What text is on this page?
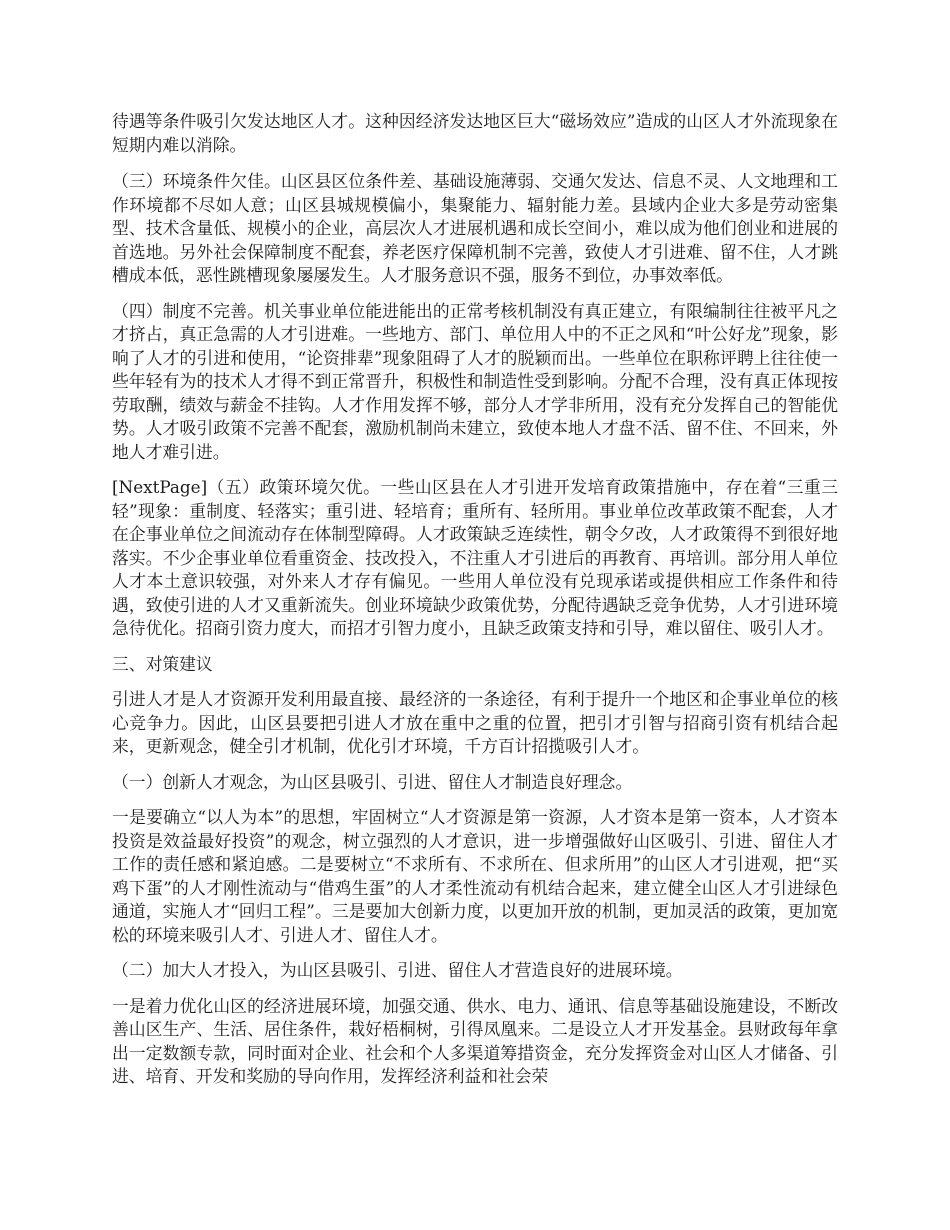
待遇等条件吸引欠发达地区人才。这种因经济发达地区巨大“磁场效应”造成的山区人才外流现象在短期内难以消除。

（三）环境条件欠佳。山区县区位条件差、基础设施薄弱、交通欠发达、信息不灵、人文地理和工作环境都不尽如人意；山区县城规模偏小，集聚能力、辐射能力差。县域内企业大多是劳动密集型、技术含量低、规模小的企业，高层次人才进展机遇和成长空间小，难以成为他们创业和进展的首选地。另外社会保障制度不配套，养老医疗保障机制不完善，致使人才引进难、留不住，人才跳槽成本低，恶性跳槽现象屡屡发生。人才服务意识不强，服务不到位，办事效率低。

（四）制度不完善。机关事业单位能进能出的正常考核机制没有真正建立，有限编制往往被平凡之才挤占，真正急需的人才引进难。一些地方、部门、单位用人中的不正之风和“叶公好龙”现象，影响了人才的引进和使用，“论资排辈”现象阻碍了人才的脱颖而出。一些单位在职称评聘上往往使一些年轻有为的技术人才得不到正常晋升，积极性和制造性受到影响。分配不合理，没有真正体现按劳取酬，绩效与薪金不挂钩。人才作用发挥不够，部分人才学非所用，没有充分发挥自己的智能优势。人才吸引政策不完善不配套，激励机制尚未建立，致使本地人才盘不活、留不住、不回来，外地人才难引进。

[NextPage]（五）政策环境欠优。一些山区县在人才引进开发培育政策措施中，存在着“三重三轻”现象：重制度、轻落实；重引进、轻培育；重所有、轻所用。事业单位改革政策不配套，人才在企事业单位之间流动存在体制型障碍。人才政策缺乏连续性，朝令夕改，人才政策得不到很好地落实。不少企事业单位看重资金、技改投入，不注重人才引进后的再教育、再培训。部分用人单位人才本土意识较强，对外来人才存有偏见。一些用人单位没有兑现承诺或提供相应工作条件和待遇，致使引进的人才又重新流失。创业环境缺少政策优势，分配待遇缺乏竞争优势，人才引进环境急待优化。招商引资力度大，而招才引智力度小，且缺乏政策支持和引导，难以留住、吸引人才。

三、对策建议

引进人才是人才资源开发利用最直接、最经济的一条途径，有利于提升一个地区和企事业单位的核心竞争力。因此，山区县要把引进人才放在重中之重的位置，把引才引智与招商引资有机结合起来，更新观念，健全引才机制，优化引才环境，千方百计招揽吸引人才。

（一）创新人才观念，为山区县吸引、引进、留住人才制造良好理念。

一是要确立“以人为本”的思想，牢固树立“人才资源是第一资源，人才资本是第一资本，人才资本投资是效益最好投资”的观念，树立强烈的人才意识，进一步增强做好山区吸引、引进、留住人才工作的责任感和紧迫感。二是要树立“不求所有、不求所在、但求所用”的山区人才引进观，把“买鸡下蛋”的人才刚性流动与“借鸡生蛋”的人才柔性流动有机结合起来，建立健全山区人才引进绿色通道，实施人才“回归工程”。三是要加大创新力度，以更加开放的机制，更加灵活的政策，更加宽松的环境来吸引人才、引进人才、留住人才。

（二）加大人才投入，为山区县吸引、引进、留住人才营造良好的进展环境。

一是着力优化山区的经济进展环境，加强交通、供水、电力、通讯、信息等基础设施建设，不断改善山区生产、生活、居住条件，栽好梧桐树，引得凤凰来。二是设立人才开发基金。县财政每年拿出一定数额专款，同时面对企业、社会和个人多渠道筹措资金，充分发挥资金对山区人才储备、引进、培育、开发和奖励的导向作用，发挥经济利益和社会荣
